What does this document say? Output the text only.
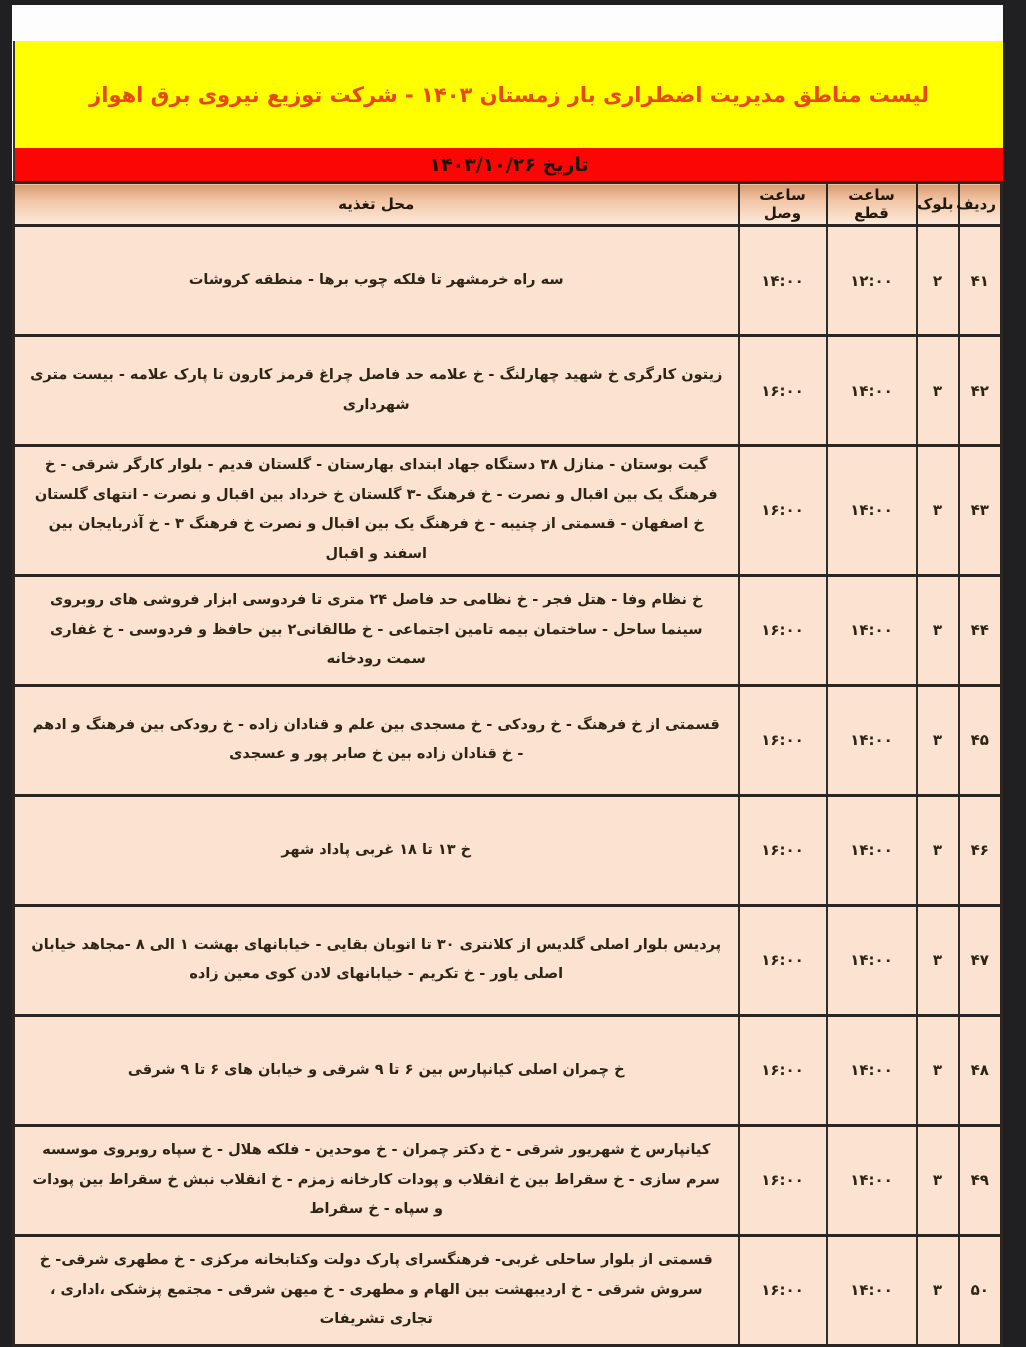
لیست مناطق مدیریت اضطراری بار زمستان ۱۴۰۳ - شرکت توزیع نیروی برق اهواز
تاریخ ۱۴۰۳/۱۰/۲۶
ردیف	بلوک	ساعت قطع	ساعت وصل	محل تغذیه
۴۱	۲	۱۲:۰۰	۱۴:۰۰	سه راه خرمشهر تا فلکه چوب برها - منطقه کروشات
۴۲	۳	۱۴:۰۰	۱۶:۰۰	زیتون کارگری خ شهید چهارلنگ - خ علامه حد فاصل چراغ قرمز کارون تا پارک علامه - بیست متری شهرداری
۴۳	۳	۱۴:۰۰	۱۶:۰۰	گیت بوستان - منازل ۳۸ دستگاه جهاد ابتدای بهارستان - گلستان قدیم - بلوار کارگر شرقی - خ فرهنگ یک بین اقبال و نصرت - خ فرهنگ -۳ گلستان خ خرداد بین اقبال و نصرت - انتهای گلستان خ اصفهان - قسمتی از چنیبه - خ فرهنگ یک بین اقبال و نصرت خ فرهنگ ۳ - خ آذربایجان بین اسفند و اقبال
۴۴	۳	۱۴:۰۰	۱۶:۰۰	خ نظام وفا - هتل فجر - خ نظامی حد فاصل ۲۴ متری تا فردوسی ابزار فروشی های روبروی سینما ساحل - ساختمان بیمه تامین اجتماعی - خ طالقانی۲ بین حافظ و فردوسی - خ غفاری سمت رودخانه
۴۵	۳	۱۴:۰۰	۱۶:۰۰	قسمتی از خ فرهنگ - خ رودکی - خ مسجدی بین علم و قنادان زاده - خ رودکی بین فرهنگ و ادهم - خ قنادان زاده بین خ صابر پور و عسجدی
۴۶	۳	۱۴:۰۰	۱۶:۰۰	خ ۱۳ تا ۱۸ غربی پاداد شهر
۴۷	۳	۱۴:۰۰	۱۶:۰۰	پردیس بلوار اصلی گلدیس از کلانتری ۳۰ تا اتوبان بقایی - خیابانهای بهشت ۱ الی ۸ -مجاهد خیابان اصلی یاور - خ تکریم - خیابانهای لادن کوی معین زاده
۴۸	۳	۱۴:۰۰	۱۶:۰۰	خ چمران اصلی کیانپارس بین ۶ تا ۹ شرقی و خیابان های ۶ تا ۹ شرقی
۴۹	۳	۱۴:۰۰	۱۶:۰۰	کیانپارس خ شهریور شرقی - خ دکتر چمران - خ موحدین - فلکه هلال - خ سپاه روبروی موسسه سرم سازی - خ سقراط بین خ انقلاب و پودات کارخانه زمزم - خ انقلاب نبش خ سقراط بین پودات و سپاه - خ سقراط
۵۰	۳	۱۴:۰۰	۱۶:۰۰	قسمتی از بلوار ساحلی غربی- فرهنگسرای پارک دولت وکتابخانه مرکزی - خ مطهری شرقی- خ سروش شرقی - خ اردیبهشت بین الهام و مطهری - خ میهن شرقی - مجتمع پزشکی ،اداری ، تجاری تشریفات
